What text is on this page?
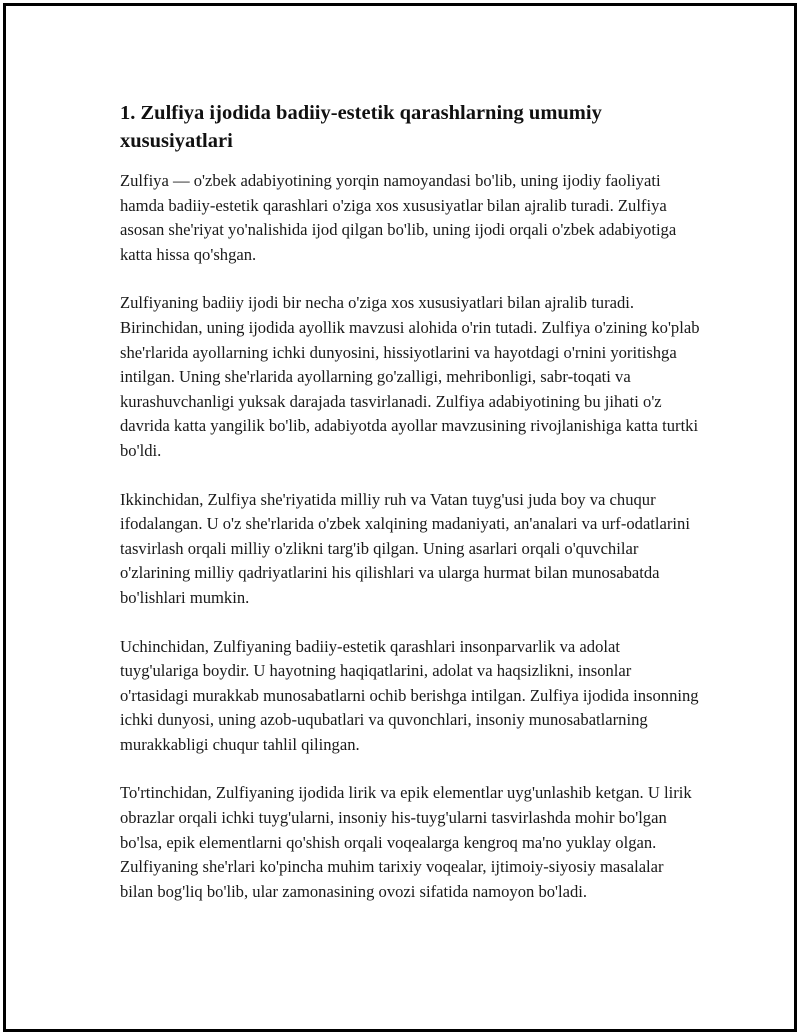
1. Zulfiya ijodida badiiy-estetik qarashlarning umumiy xususiyatlari

Zulfiya — o'zbek adabiyotining yorqin namoyandasi bo'lib, uning ijodiy faoliyati hamda badiiy-estetik qarashlari o'ziga xos xususiyatlar bilan ajralib turadi. Zulfiya asosan she'riyat yo'nalishida ijod qilgan bo'lib, uning ijodi orqali o'zbek adabiyotiga katta hissa qo'shgan.

Zulfiyaning badiiy ijodi bir necha o'ziga xos xususiyatlari bilan ajralib turadi. Birinchidan, uning ijodida ayollik mavzusi alohida o'rin tutadi. Zulfiya o'zining ko'plab she'rlarida ayollarning ichki dunyosini, hissiyotlarini va hayotdagi o'rnini yoritishga intilgan. Uning she'rlarida ayollarning go'zalligi, mehribonligi, sabr-toqati va kurashuvchanligi yuksak darajada tasvirlanadi. Zulfiya adabiyotining bu jihati o'z davrida katta yangilik bo'lib, adabiyotda ayollar mavzusining rivojlanishiga katta turtki bo'ldi.

Ikkinchidan, Zulfiya she'riyatida milliy ruh va Vatan tuyg'usi juda boy va chuqur ifodalangan. U o'z she'rlarida o'zbek xalqining madaniyati, an'analari va urf-odatlarini tasvirlash orqali milliy o'zlikni targ'ib qilgan. Uning asarlari orqali o'quvchilar o'zlarining milliy qadriyatlarini his qilishlari va ularga hurmat bilan munosabatda bo'lishlari mumkin.

Uchinchidan, Zulfiyaning badiiy-estetik qarashlari insonparvarlik va adolat tuyg'ulariga boydir. U hayotning haqiqatlarini, adolat va haqsizlikni, insonlar o'rtasidagi murakkab munosabatlarni ochib berishga intilgan. Zulfiya ijodida insonning ichki dunyosi, uning azob-uqubatlari va quvonchlari, insoniy munosabatlarning murakkabligi chuqur tahlil qilingan.

To'rtinchidan, Zulfiyaning ijodida lirik va epik elementlar uyg'unlashib ketgan. U lirik obrazlar orqali ichki tuyg'ularni, insoniy his-tuyg'ularni tasvirlashda mohir bo'lgan bo'lsa, epik elementlarni qo'shish orqali voqealarga kengroq ma'no yuklay olgan. Zulfiyaning she'rlari ko'pincha muhim tarixiy voqealar, ijtimoiy-siyosiy masalalar bilan bog'liq bo'lib, ular zamonasining ovozi sifatida namoyon bo'ladi.
